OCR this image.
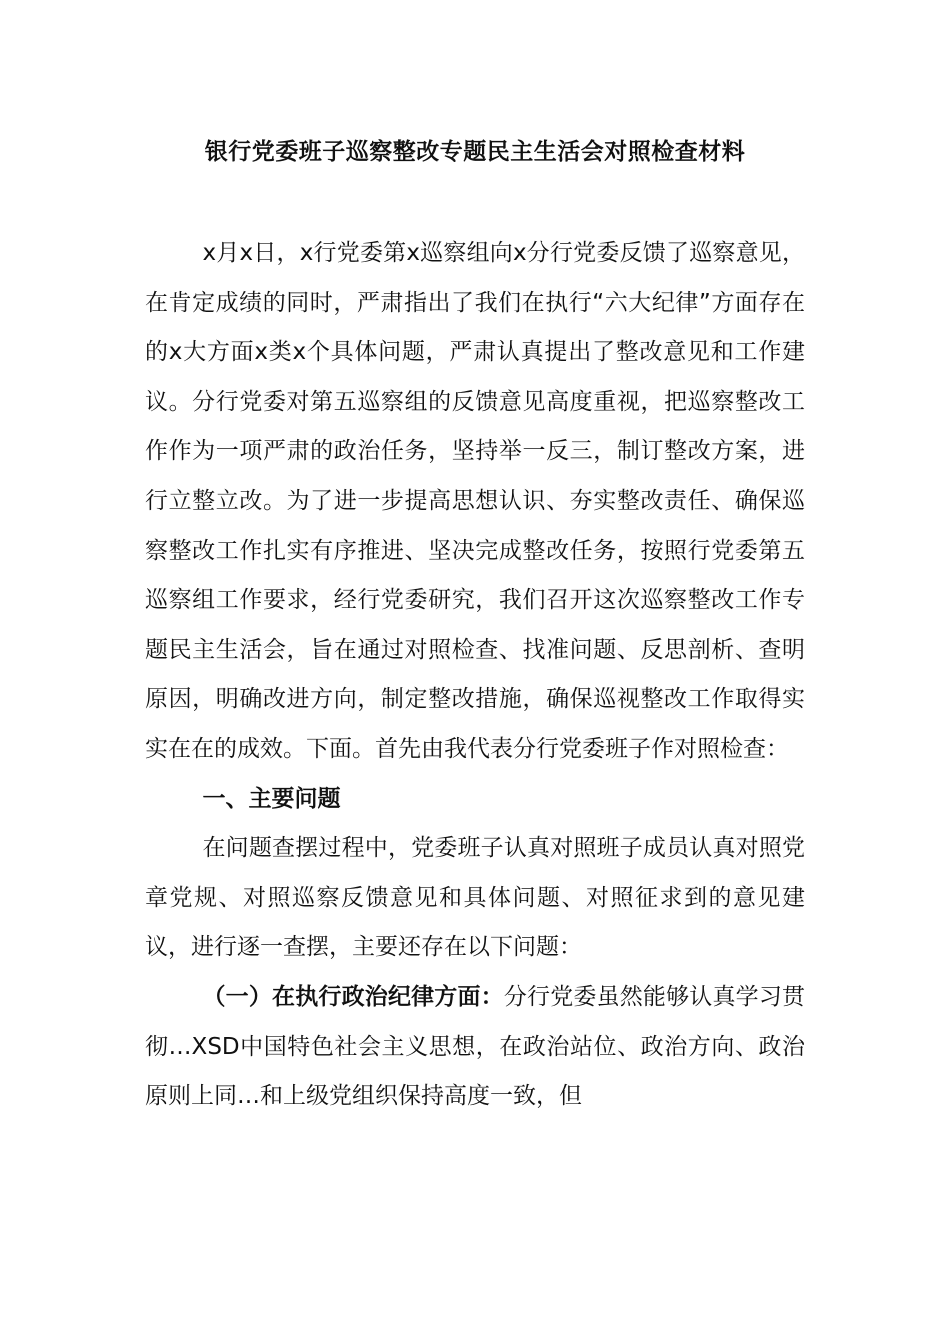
银行党委班子巡察整改专题民主生活会对照检查材料

x月x日，x行党委第x巡察组向x分行党委反馈了巡察意见，在肯定成绩的同时，严肃指出了我们在执行“六大纪律”方面存在的x大方面x类x个具体问题，严肃认真提出了整改意见和工作建议。分行党委对第五巡察组的反馈意见高度重视，把巡察整改工作作为一项严肃的政治任务，坚持举一反三，制订整改方案，进行立整立改。为了进一步提高思想认识、夯实整改责任、确保巡察整改工作扎实有序推进、坚决完成整改任务，按照行党委第五巡察组工作要求，经行党委研究，我们召开这次巡察整改工作专题民主生活会，旨在通过对照检查、找准问题、反思剖析、查明原因，明确改进方向，制定整改措施，确保巡视整改工作取得实实在在的成效。下面。首先由我代表分行党委班子作对照检查：

一、主要问题

在问题查摆过程中，党委班子认真对照班子成员认真对照党章党规、对照巡察反馈意见和具体问题、对照征求到的意见建议，进行逐一查摆，主要还存在以下问题：

（一）在执行政治纪律方面：分行党委虽然能够认真学习贯彻…XSD中国特色社会主义思想，在政治站位、政治方向、政治原则上同…和上级党组织保持高度一致，但
